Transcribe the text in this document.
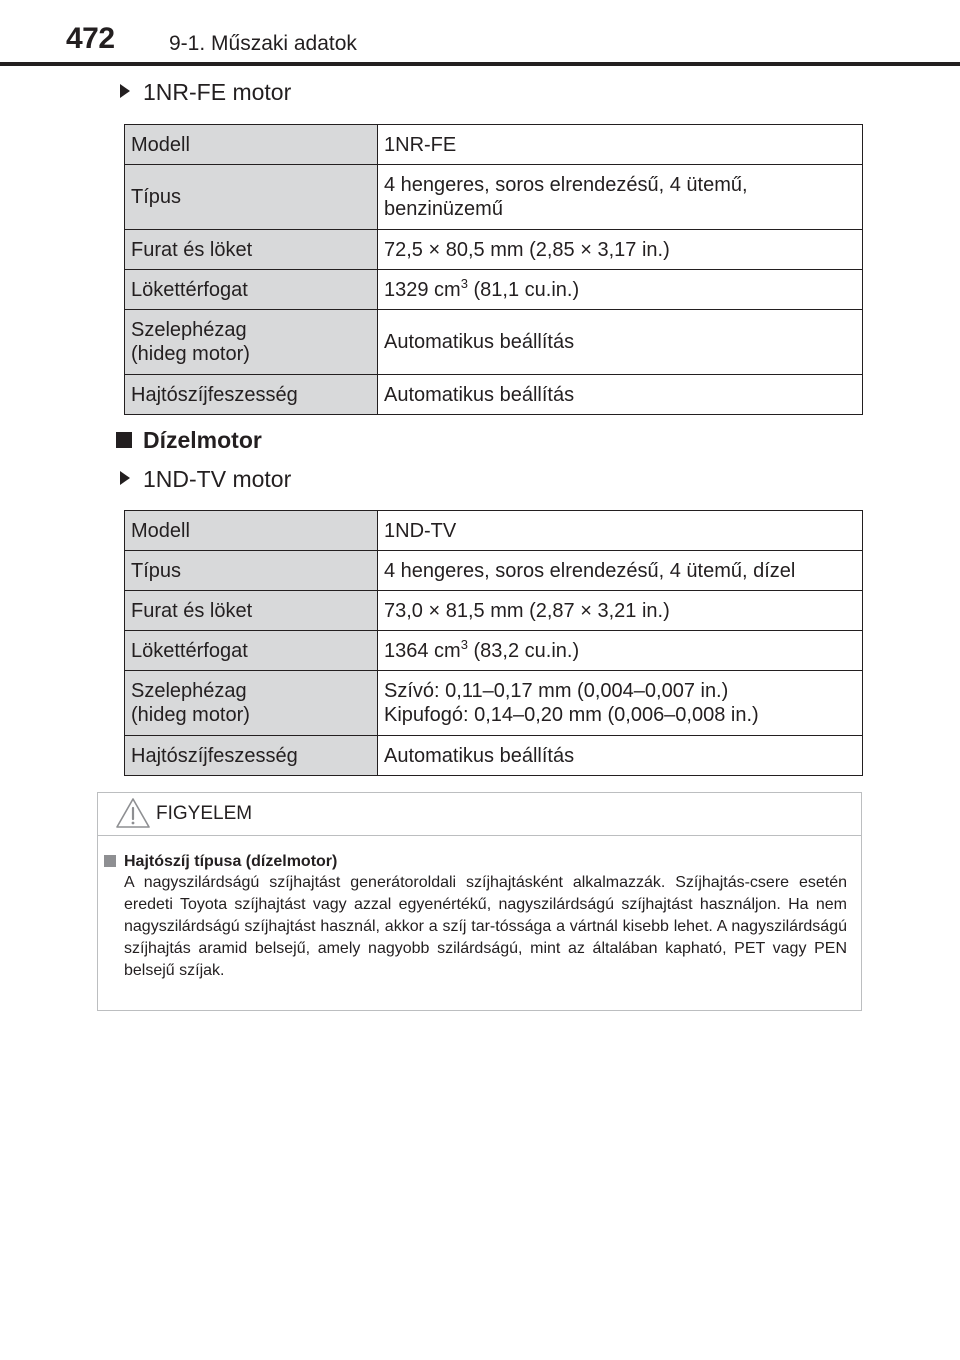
472	9-1. Műszaki adatok
1NR-FE motor
Modell	1NR-FE
Típus	4 hengeres, soros elrendezésű, 4 ütemű,
benzinüzemű
Furat és löket	72,5 × 80,5 mm (2,85 × 3,17 in.)
Lökettérfogat	1329 $cm^3$ (81,1 cu.in.)
Szelephézag
(hideg motor)	Automatikus beállítás
Hajtószíjfeszesség	Automatikus beállítás
Dízelmotor
1ND-TV motor
Modell	1ND-TV
Típus	4 hengeres, soros elrendezésű, 4 ütemű, dízel
Furat és löket	73,0 × 81,5 mm (2,87 × 3,21 in.)
Lökettérfogat	1364 $cm^3$ (83,2 cu.in.)
Szelephézag
(hideg motor)	Szívó: 0,11–0,17 mm (0,004–0,007 in.)
Kipufogó: 0,14–0,20 mm (0,006–0,008 in.)
Hajtószíjfeszesség	Automatikus beállítás
FIGYELEM
Hajtószíj típusa (dízelmotor)
A nagyszilárdságú szíjhajtást generátoroldali szíjhajtásként alkalmazzák. Szíjhajtás-csere esetén eredeti Toyota szíjhajtást vagy azzal egyenértékű, nagyszilárdságú szíjhajtást használjon. Ha nem nagyszilárdságú szíjhajtást használ, akkor a szíj tar-tóssága a vártnál kisebb lehet. A nagyszilárdságú szíjhajtás aramid belsejű, amely nagyobb szilárdságú, mint az általában kapható, PET vagy PEN belsejű szíjak.
